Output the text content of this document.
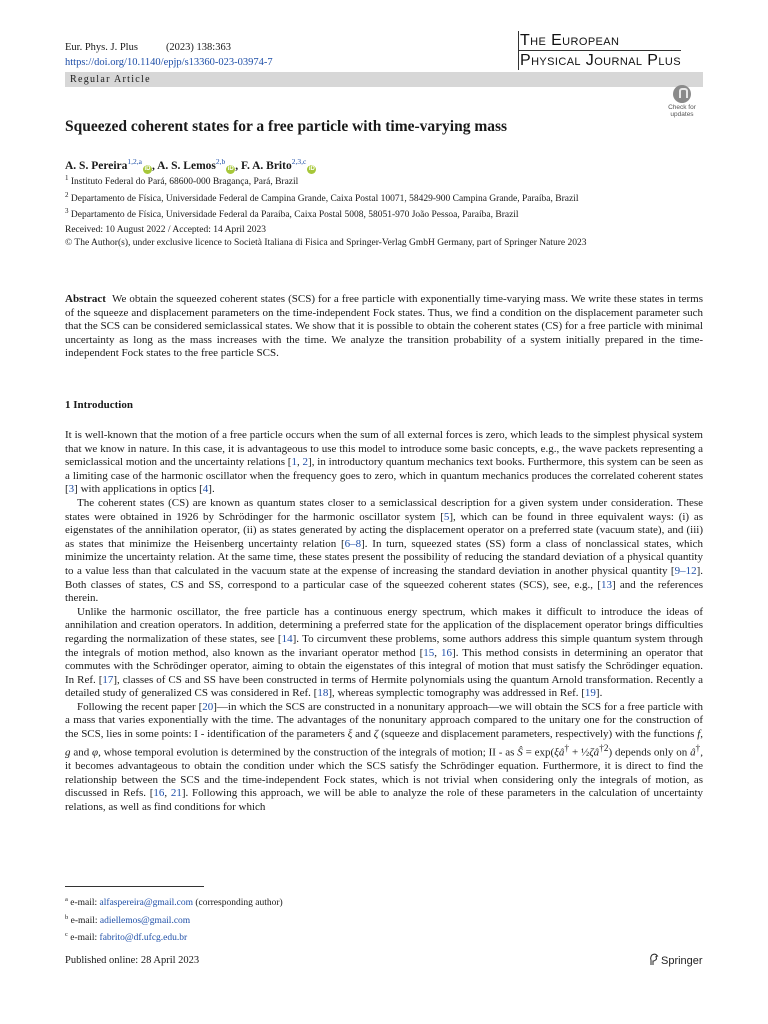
Eur. Phys. J. Plus	(2023) 138:363
https://doi.org/10.1140/epjp/s13360-023-03974-7
The European
Physical Journal Plus
Regular Article
Check for updates
Squeezed coherent states for a free particle with time-varying mass
A. S. Pereira$^{1,2,a}$iD , A. S. Lemos$^{2,b}$iD , F. A. Brito$^{2,3,c}$iD
$^1$ Instituto Federal do Pará, 68600-000 Bragança, Pará, Brazil
$^2$ Departamento de Física, Universidade Federal de Campina Grande, Caixa Postal 10071, 58429-900 Campina Grande, Paraíba, Brazil
$^3$ Departamento de Física, Universidade Federal da Paraíba, Caixa Postal 5008, 58051-970 João Pessoa, Paraíba, Brazil
Received: 10 August 2022 / Accepted: 14 April 2023
© The Author(s), under exclusive licence to Società Italiana di Fisica and Springer-Verlag GmbH Germany, part of Springer Nature 2023
Abstract We obtain the squeezed coherent states (SCS) for a free particle with exponentially time-varying mass. We write these states in terms of the squeeze and displacement parameters on the time-independent Fock states. Thus, we find a condition on the displacement parameter such that the SCS can be considered semiclassical states. We show that it is possible to obtain the coherent states (CS) for a free particle with minimal uncertainty as long as the mass increases with the time. We analyze the transition probability of a system initially prepared in the time-independent Fock states to the free particle SCS.
1 Introduction

It is well-known that the motion of a free particle occurs when the sum of all external forces is zero, which leads to the simplest physical system that we know in nature. In this case, it is advantageous to use this model to introduce some basic concepts, e.g., the wave packets representing a semiclassical motion and the uncertainty relations [1, 2], in introductory quantum mechanics text books. Furthermore, this system can be seen as a limiting case of the harmonic oscillator when the frequency goes to zero, which in quantum mechanics produces the correlated coherent states [3] with applications in optics [4].

The coherent states (CS) are known as quantum states closer to a semiclassical description for a given system under consideration. These states were obtained in 1926 by Schrödinger for the harmonic oscillator system [5], which can be found in three equivalent ways: (i) as eigenstates of the annihilation operator, (ii) as states generated by acting the displacement operator on a preferred state (vacuum state), and (iii) as states that minimize the Heisenberg uncertainty relation [6–8]. In turn, squeezed states (SS) form a class of nonclassical states, which minimize the uncertainty relation. At the same time, these states present the possibility of reducing the standard deviation of a physical quantity to a value less than that calculated in the vacuum state at the expense of increasing the standard deviation in another physical quantity [9–12]. Both classes of states, CS and SS, correspond to a particular case of the squeezed coherent states (SCS), see, e.g., [13] and the references therein.

Unlike the harmonic oscillator, the free particle has a continuous energy spectrum, which makes it difficult to introduce the ideas of annihilation and creation operators. In addition, determining a preferred state for the application of the displacement operator brings difficulties regarding the normalization of these states, see [14]. To circumvent these problems, some authors address this simple quantum system through the integrals of motion method, also known as the invariant operator method [15, 16]. This method consists in determining an operator that commutes with the Schrödinger operator, aiming to obtain the eigenstates of this integral of motion that must satisfy the Schrödinger equation. In Ref. [17], classes of CS and SS have been constructed in terms of Hermite polynomials using the quantum Arnold transformation. Recently a detailed study of generalized CS was considered in Ref. [18], whereas symplectic tomography was addressed in Ref. [19].

Following the recent paper [20]—in which the SCS are constructed in a nonunitary approach—we will obtain the SCS for a free particle with a mass that varies exponentially with the time. The advantages of the nonunitary approach compared to the unitary one for the construction of the SCS, lies in some points: I - identification of the parameters ξ and ζ (squeeze and displacement parameters, respectively) with the functions f, g and φ, whose temporal evolution is determined by the construction of the integrals of motion; II - as Ŝ = exp(ξâ† + $\frac{1}{2}\zeta â^{\dagger 2}$) depends only on â†, it becomes advantageous to obtain the condition under which the SCS satisfy the Schrödinger equation. Furthermore, it is direct to find the relationship between the SCS and the time-independent Fock states, which is not trivial when considering only the integrals of motion, as discussed in Refs. [16, 21]. Following this approach, we will be able to analyze the role of these parameters in the calculation of uncertainty relations, as well as find conditions for which

$^a$ e-mail: alfaspereira@gmail.com (corresponding author)
$^b$ e-mail: adiellemos@gmail.com
$^c$ e-mail: fabrito@df.ufcg.edu.br
Published online: 28 April 2023	Springer
